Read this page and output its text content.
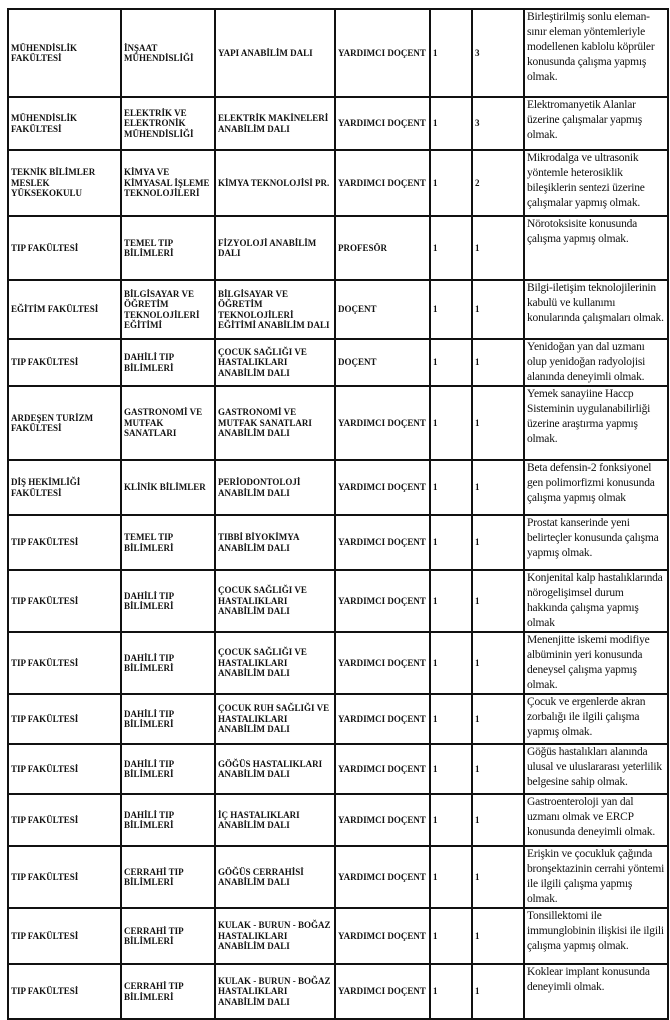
MÜHENDİSLİK FAKÜLTESİ	İNŞAAT MÜHENDİSLİĞİ	YAPI ANABİLİM DALI	YARDIMCI DOÇENT	1	3	Birleştirilmiş sonlu eleman-sınır eleman yöntemleriyle modellenen kablolu köprüler konusunda çalışma yapmış olmak.
MÜHENDİSLİK FAKÜLTESİ	ELEKTRİK VE ELEKTRONİK MÜHENDİSLİĞİ	ELEKTRİK MAKİNELERİ ANABİLİM DALI	YARDIMCI DOÇENT	1	3	Elektromanyetik Alanlar üzerine çalışmalar yapmış olmak.
TEKNİK BİLİMLER MESLEK YÜKSEKOKULU	KİMYA VE KİMYASAL İŞLEME TEKNOLOJİLERİ	KİMYA TEKNOLOJİSİ PR.	YARDIMCI DOÇENT	1	2	Mikrodalga ve ultrasonik yöntemle heterosiklik bileşiklerin sentezi üzerine çalışmalar yapmış olmak.
TIP FAKÜLTESİ	TEMEL TIP BİLİMLERİ	FİZYOLOJİ ANABİLİM DALI	PROFESÖR	1	1	Nörotoksisite konusunda çalışma yapmış olmak.
EĞİTİM FAKÜLTESİ	BİLGİSAYAR VE ÖĞRETİM TEKNOLOJİLERİ EĞİTİMİ	BİLGİSAYAR VE ÖĞRETİM TEKNOLOJİLERİ EĞİTİMİ ANABİLİM DALI	DOÇENT	1	1	Bilgi-iletişim teknolojilerinin kabulü ve kullanımı konularında çalışmaları olmak.
TIP FAKÜLTESİ	DAHİLİ TIP BİLİMLERİ	ÇOCUK SAĞLIĞI VE HASTALIKLARI ANABİLİM DALI	DOÇENT	1	1	Yenidoğan yan dal uzmanı olup yenidoğan radyolojisi alanında deneyimli olmak.
ARDEŞEN TURİZM FAKÜLTESİ	GASTRONOMİ VE MUTFAK SANATLARI	GASTRONOMİ VE MUTFAK SANATLARI ANABİLİM DALI	YARDIMCI DOÇENT	1	1	Yemek sanayiine Haccp Sisteminin uygulanabilirliği üzerine araştırma yapmış olmak.
DİŞ HEKİMLİĞİ FAKÜLTESİ	KLİNİK BİLİMLER	PERİODONTOLOJİ ANABİLİM DALI	YARDIMCI DOÇENT	1	1	Beta defensin-2 fonksiyonel gen polimorfizmi konusunda çalışma yapmış olmak
TIP FAKÜLTESİ	TEMEL TIP BİLİMLERİ	TIBBİ BİYOKİMYA ANABİLİM DALI	YARDIMCI DOÇENT	1	1	Prostat kanserinde yeni belirteçler konusunda çalışma yapmış olmak.
TIP FAKÜLTESİ	DAHİLİ TIP BİLİMLERİ	ÇOCUK SAĞLIĞI VE HASTALIKLARI ANABİLİM DALI	YARDIMCI DOÇENT	1	1	Konjenital kalp hastalıklarında nörogelişimsel durum hakkında çalışma yapmış olmak
TIP FAKÜLTESİ	DAHİLİ TIP BİLİMLERİ	ÇOCUK SAĞLIĞI VE HASTALIKLARI ANABİLİM DALI	YARDIMCI DOÇENT	1	1	Menenjitte iskemi modifiye albüminin yeri konusunda deneysel çalışma yapmış olmak.
TIP FAKÜLTESİ	DAHİLİ TIP BİLİMLERİ	ÇOCUK RUH SAĞLIĞI VE HASTALIKLARI ANABİLİM DALI	YARDIMCI DOÇENT	1	1	Çocuk ve ergenlerde akran zorbalığı ile ilgili çalışma yapmış olmak.
TIP FAKÜLTESİ	DAHİLİ TIP BİLİMLERİ	GÖĞÜS HASTALIKLARI ANABİLİM DALI	YARDIMCI DOÇENT	1	1	Göğüs hastalıkları alanında ulusal ve uluslararası yeterlilik belgesine sahip olmak.
TIP FAKÜLTESİ	DAHİLİ TIP BİLİMLERİ	İÇ HASTALIKLARI ANABİLİM DALI	YARDIMCI DOÇENT	1	1	Gastroenteroloji yan dal uzmanı olmak ve ERCP konusunda deneyimli olmak.
TIP FAKÜLTESİ	CERRAHİ TIP BİLİMLERİ	GÖĞÜS CERRAHİSİ ANABİLİM DALI	YARDIMCI DOÇENT	1	1	Erişkin ve çocukluk çağında bronşektazinin cerrahi yöntemi ile ilgili çalışma yapmış olmak.
TIP FAKÜLTESİ	CERRAHİ TIP BİLİMLERİ	KULAK - BURUN - BOĞAZ HASTALIKLARI ANABİLİM DALI	YARDIMCI DOÇENT	1	1	Tonsillektomi ile immunglobinin ilişkisi ile ilgili çalışma yapmış olmak.
TIP FAKÜLTESİ	CERRAHİ TIP BİLİMLERİ	KULAK - BURUN - BOĞAZ HASTALIKLARI ANABİLİM DALI	YARDIMCI DOÇENT	1	1	Koklear implant konusunda deneyimli olmak.
